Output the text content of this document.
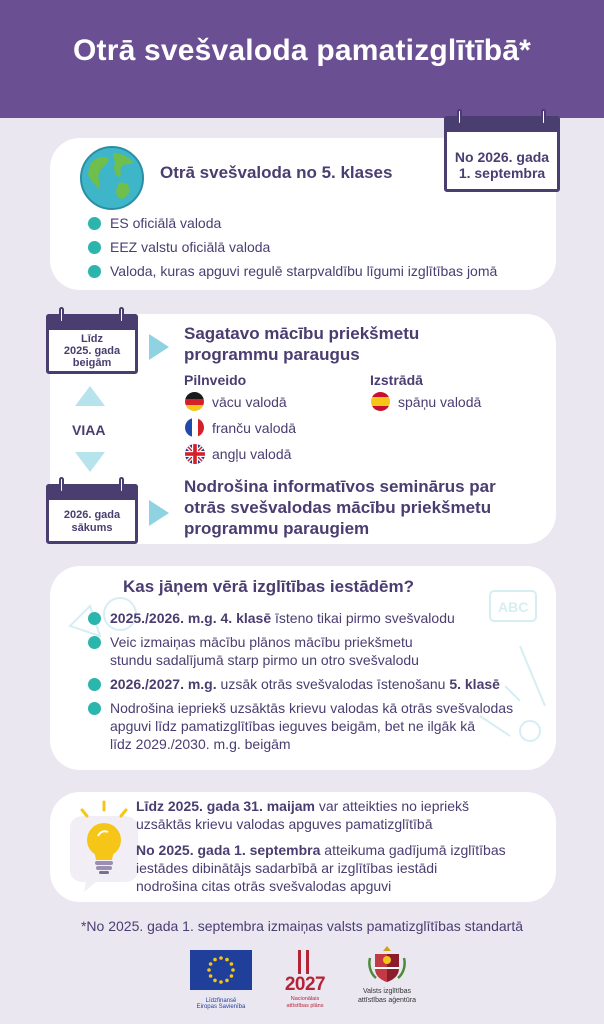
Otrā svešvaloda pamatizglītībā*
Otrā svešvaloda no 5. klases
ES oficiālā valoda
EEZ valstu oficiālā valoda
Valoda, kuras apguvi regulē starpvaldību līgumi izglītības jomā
No 2026. gada
1. septembra
VIAA
Sagatavo mācību priekšmetu
programmu paraugus
Pilnveido	Izstrādā
vācu valodā	spāņu valodā
franču valodā
angļu valodā
Nodrošina informatīvos seminārus par
otrās svešvalodas mācību priekšmetu
programmu paraugiem
Līdz
2025. gada
beigām
2026. gada
sākums
ABC
Kas jāņem vērā izglītības iestādēm?
2025./2026. m.g. 4. klasē īsteno tikai pirmo svešvalodu
Veic izmaiņas mācību plānos mācību priekšmetu
stundu sadalījumā starp pirmo un otro svešvalodu
2026./2027. m.g. uzsāk otrās svešvalodas īstenošanu 5. klasē
Nodrošina iepriekš uzsāktās krievu valodas kā otrās svešvalodas
apguvi līdz pamatizglītības ieguves beigām, bet ne ilgāk kā
līdz 2029./2030. m.g. beigām
Līdz 2025. gada 31. maijam var atteikties no iepriekš
uzsāktās krievu valodas apguves pamatizglītībā
No 2025. gada 1. septembra atteikuma gadījumā izglītības
iestādes dibinātājs sadarbībā ar izglītības iestādi
nodrošina citas otrās svešvalodas apguvi
*No 2025. gada 1. septembra izmaiņas valsts pamatizglītības standartā
Līdzfinansē
Eiropas Savienība
2027
Nacionālais
attīstības plāns
Valsts izglītības
attīstības aģentūra
